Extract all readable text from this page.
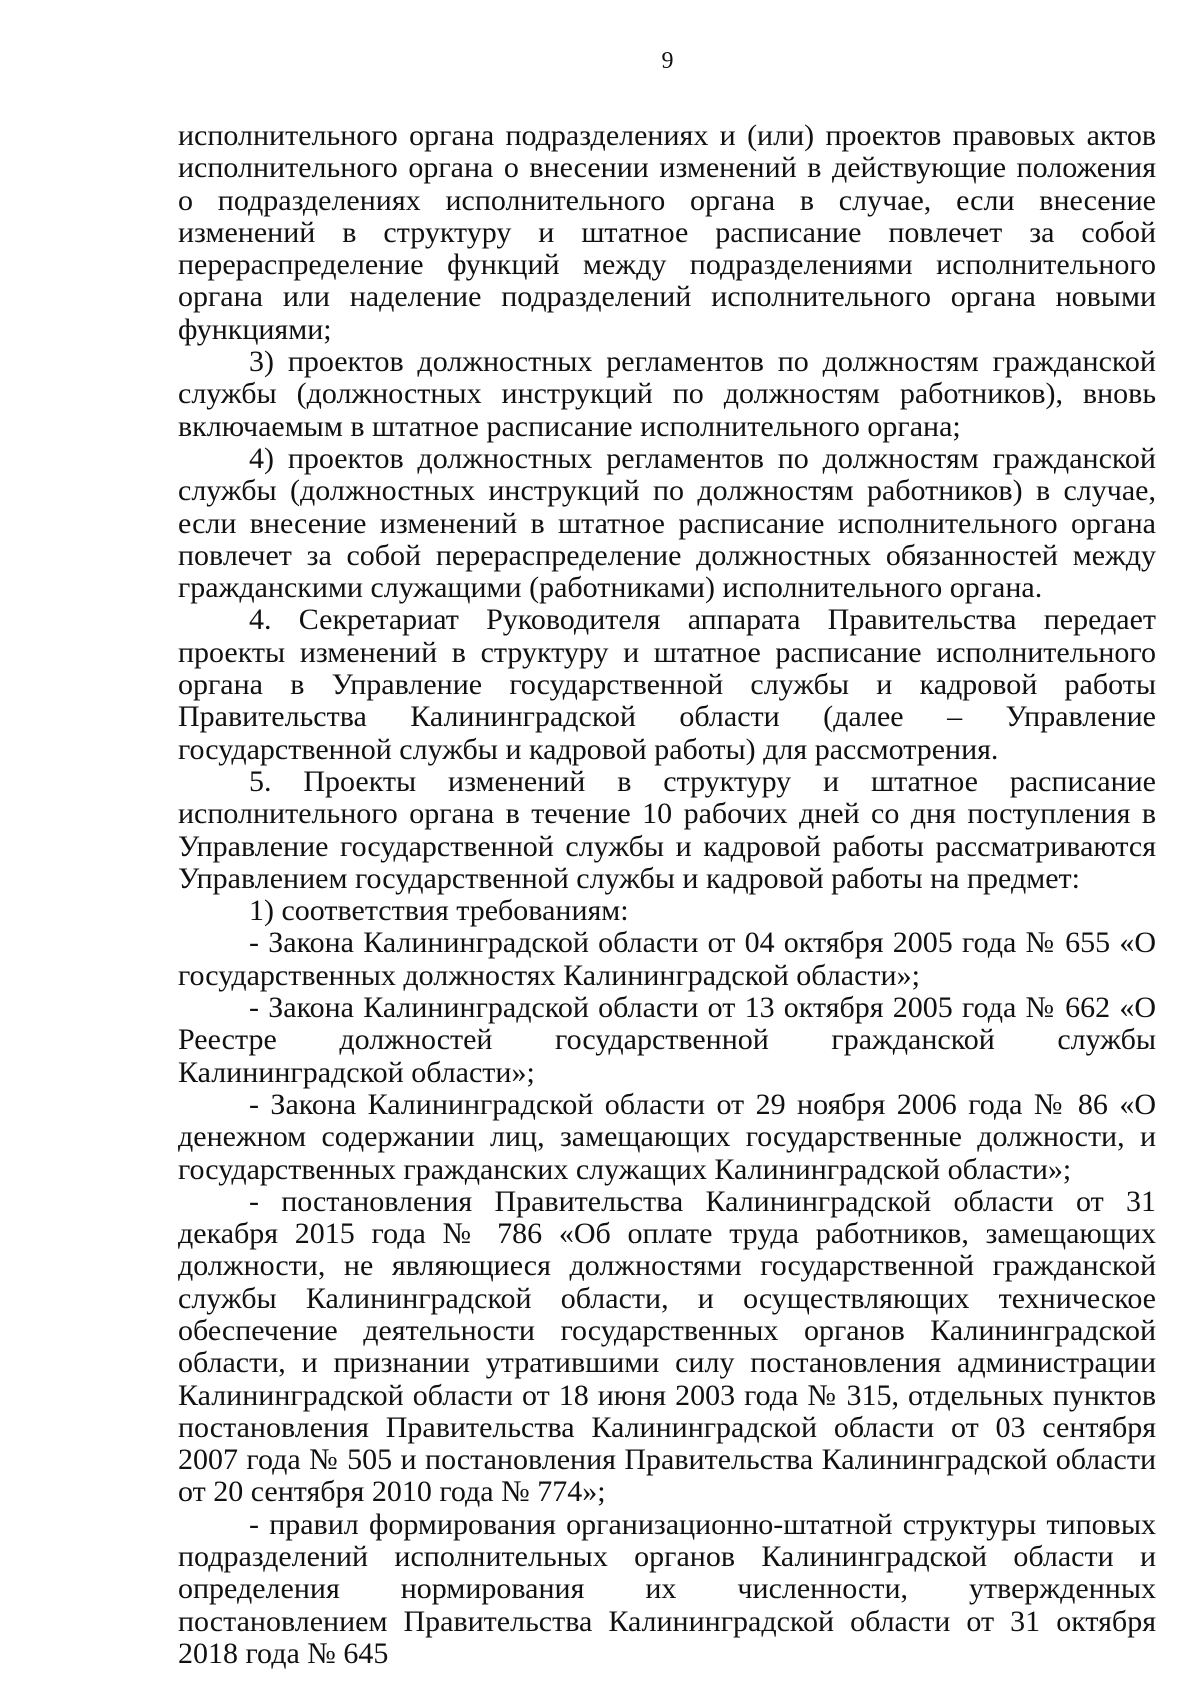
9

исполнительного органа подразделениях и (или) проектов правовых актов исполнительного органа о внесении изменений в действующие положения о подразделениях исполнительного органа в случае, если внесение изменений в структуру и штатное расписание повлечет за собой перераспределение функций между подразделениями исполнительного органа или наделение подразделений исполнительного органа новыми функциями;

3) проектов должностных регламентов по должностям гражданской службы (должностных инструкций по должностям работников), вновь включаемым в штатное расписание исполнительного органа;

4) проектов должностных регламентов по должностям гражданской службы (должностных инструкций по должностям работников) в случае, если внесение изменений в штатное расписание исполнительного органа повлечет за собой перераспределение должностных обязанностей между гражданскими служащими (работниками) исполнительного органа.

4. Секретариат Руководителя аппарата Правительства передает проекты изменений в структуру и штатное расписание исполнительного органа в Управление государственной службы и кадровой работы Правительства Калининградской области (далее – Управление государственной службы и кадровой работы) для рассмотрения.

5. Проекты изменений в структуру и штатное расписание исполнительного органа в течение 10 рабочих дней со дня поступления в Управление государственной службы и кадровой работы рассматриваются Управлением государственной службы и кадровой работы на предмет:

1) соответствия требованиям:

- Закона Калининградской области от 04 октября 2005 года № 655 «О государственных должностях Калининградской области»;

- Закона Калининградской области от 13 октября 2005 года № 662 «О Реестре должностей государственной гражданской службы Калининградской области»;

- Закона Калининградской области от 29 ноября 2006 года № 86 «О денежном содержании лиц, замещающих государственные должности, и государственных гражданских служащих Калининградской области»;

- постановления Правительства Калининградской области от 31 декабря 2015 года № 786 «Об оплате труда работников, замещающих должности, не являющиеся должностями государственной гражданской службы Калининградской области, и осуществляющих техническое обеспечение деятельности государственных органов Калининградской области, и признании утратившими силу постановления администрации Калининградской области от 18 июня 2003 года № 315, отдельных пунктов постановления Правительства Калининградской области от 03 сентября 2007 года № 505 и постановления Правительства Калининградской области от 20 сентября 2010 года № 774»;

- правил формирования организационно-штатной структуры типовых подразделений исполнительных органов Калининградской области и определения нормирования их численности, утвержденных постановлением Правительства Калининградской области от 31 октября 2018 года № 645
